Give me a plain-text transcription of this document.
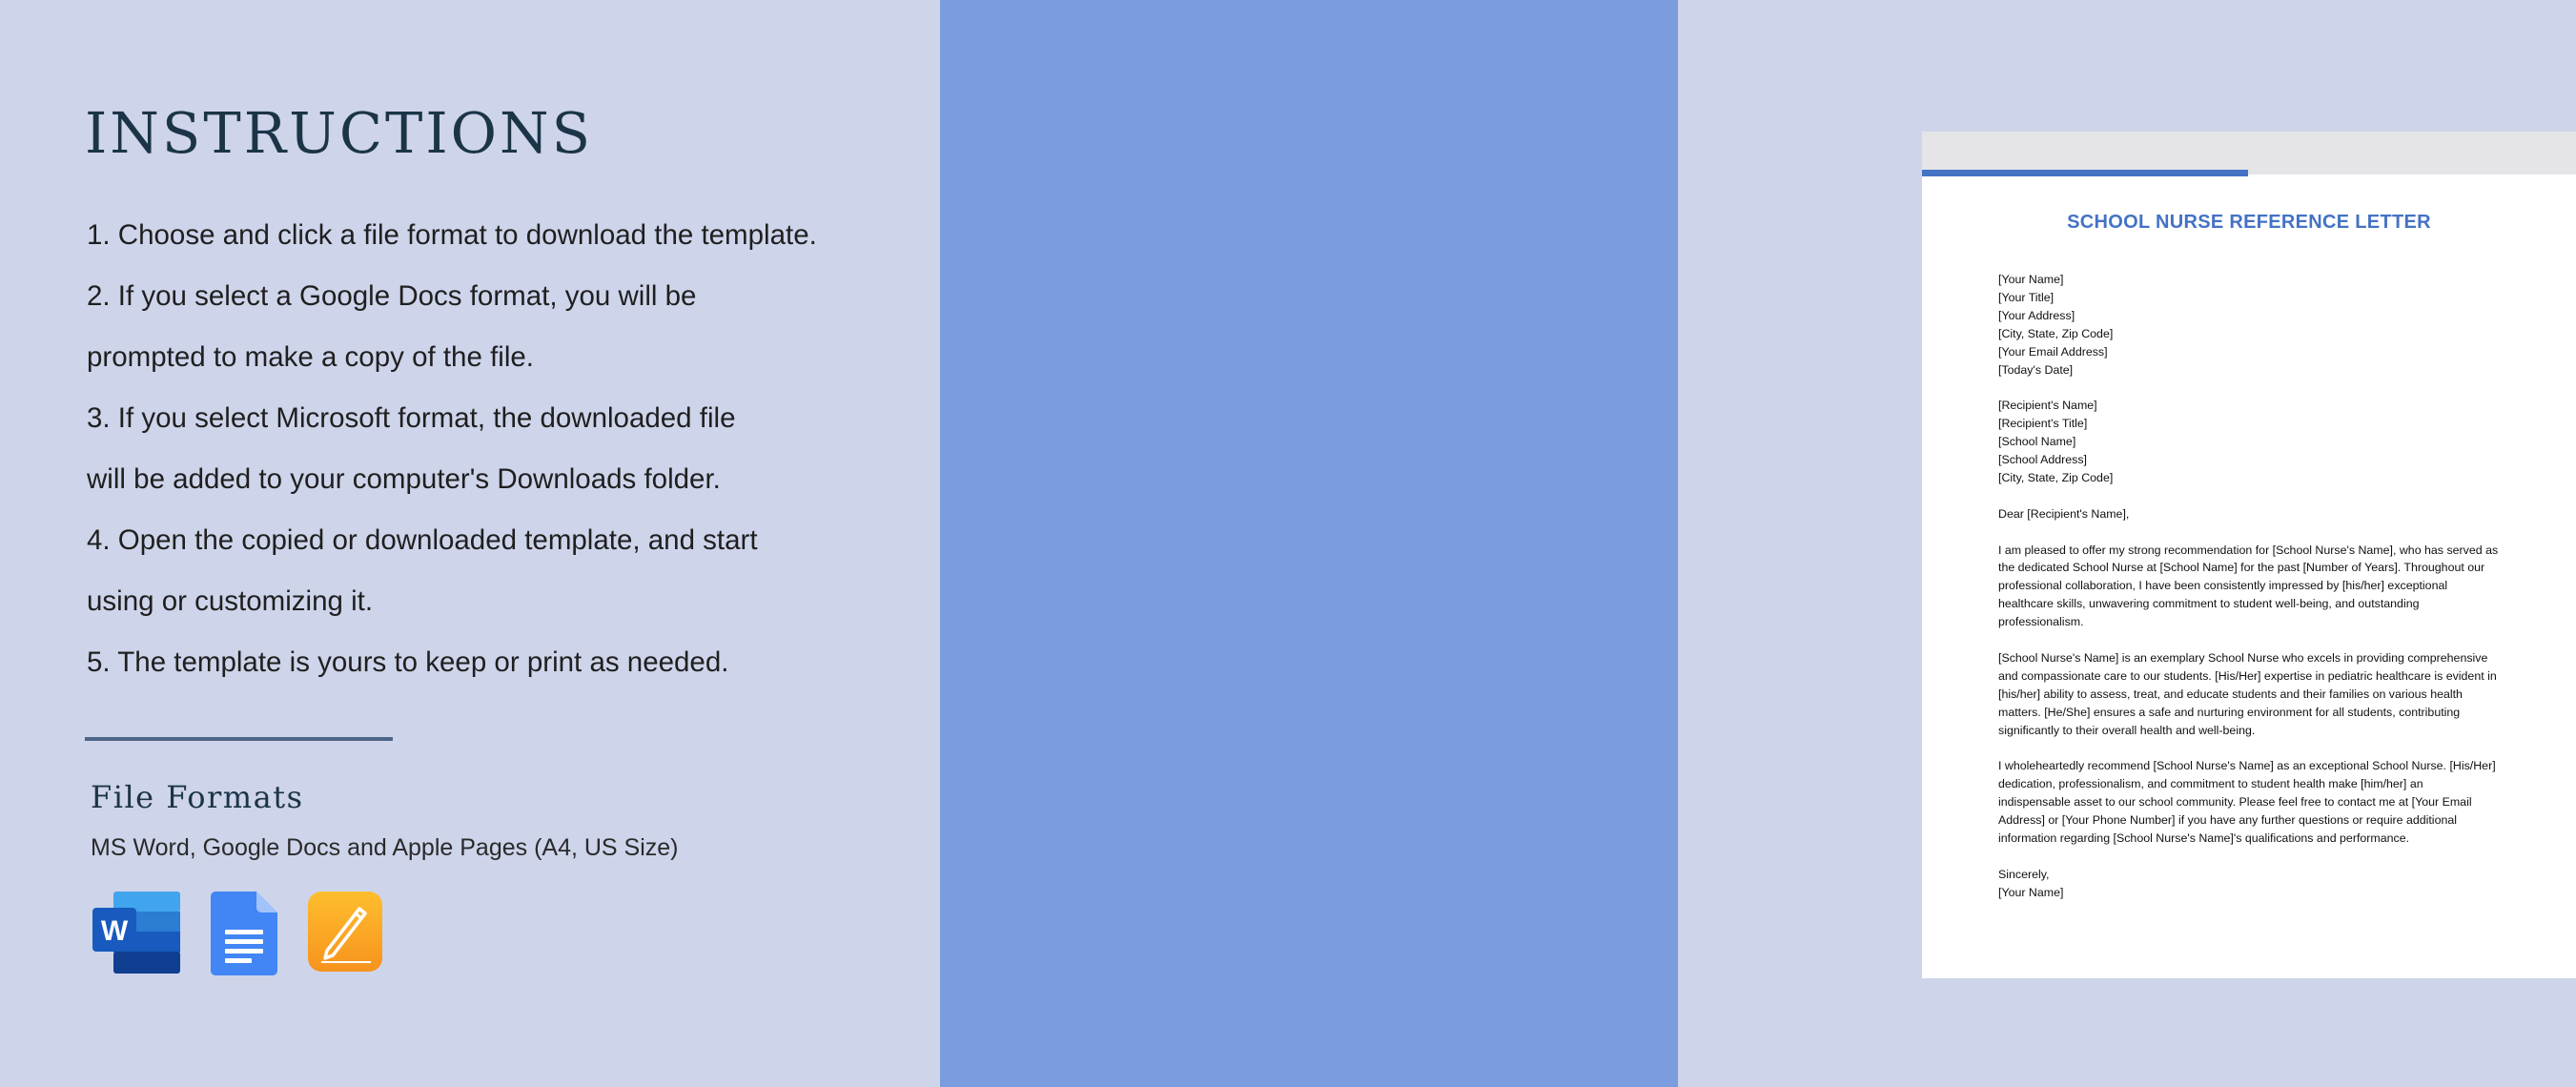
INSTRUCTIONS
1. Choose and click a file format to download the template.
2. If you select a Google Docs format, you will be
prompted to make a copy of the file.
3. If you select Microsoft format, the downloaded file
will be added to your computer's Downloads folder.
4. Open the copied or downloaded template, and start
using or customizing it.
5. The template is yours to keep or print as needed.
File Formats
MS Word, Google Docs and Apple Pages (A4, US Size)
W
SCHOOL NURSE REFERENCE LETTER
[Your Name]
[Your Title]
[Your Address]
[City, State, Zip Code]
[Your Email Address]
[Today's Date]
[Recipient's Name]
[Recipient's Title]
[School Name]
[School Address]
[City, State, Zip Code]
Dear [Recipient's Name],
I am pleased to offer my strong recommendation for [School Nurse's Name], who has served as
the dedicated School Nurse at [School Name] for the past [Number of Years]. Throughout our
professional collaboration, I have been consistently impressed by [his/her] exceptional
healthcare skills, unwavering commitment to student well-being, and outstanding
professionalism.
[School Nurse's Name] is an exemplary School Nurse who excels in providing comprehensive
and compassionate care to our students. [His/Her] expertise in pediatric healthcare is evident in
[his/her] ability to assess, treat, and educate students and their families on various health
matters. [He/She] ensures a safe and nurturing environment for all students, contributing
significantly to their overall health and well-being.
I wholeheartedly recommend [School Nurse's Name] as an exceptional School Nurse. [His/Her]
dedication, professionalism, and commitment to student health make [him/her] an
indispensable asset to our school community. Please feel free to contact me at [Your Email
Address] or [Your Phone Number] if you have any further questions or require additional
information regarding [School Nurse's Name]'s qualifications and performance.
Sincerely,
[Your Name]
